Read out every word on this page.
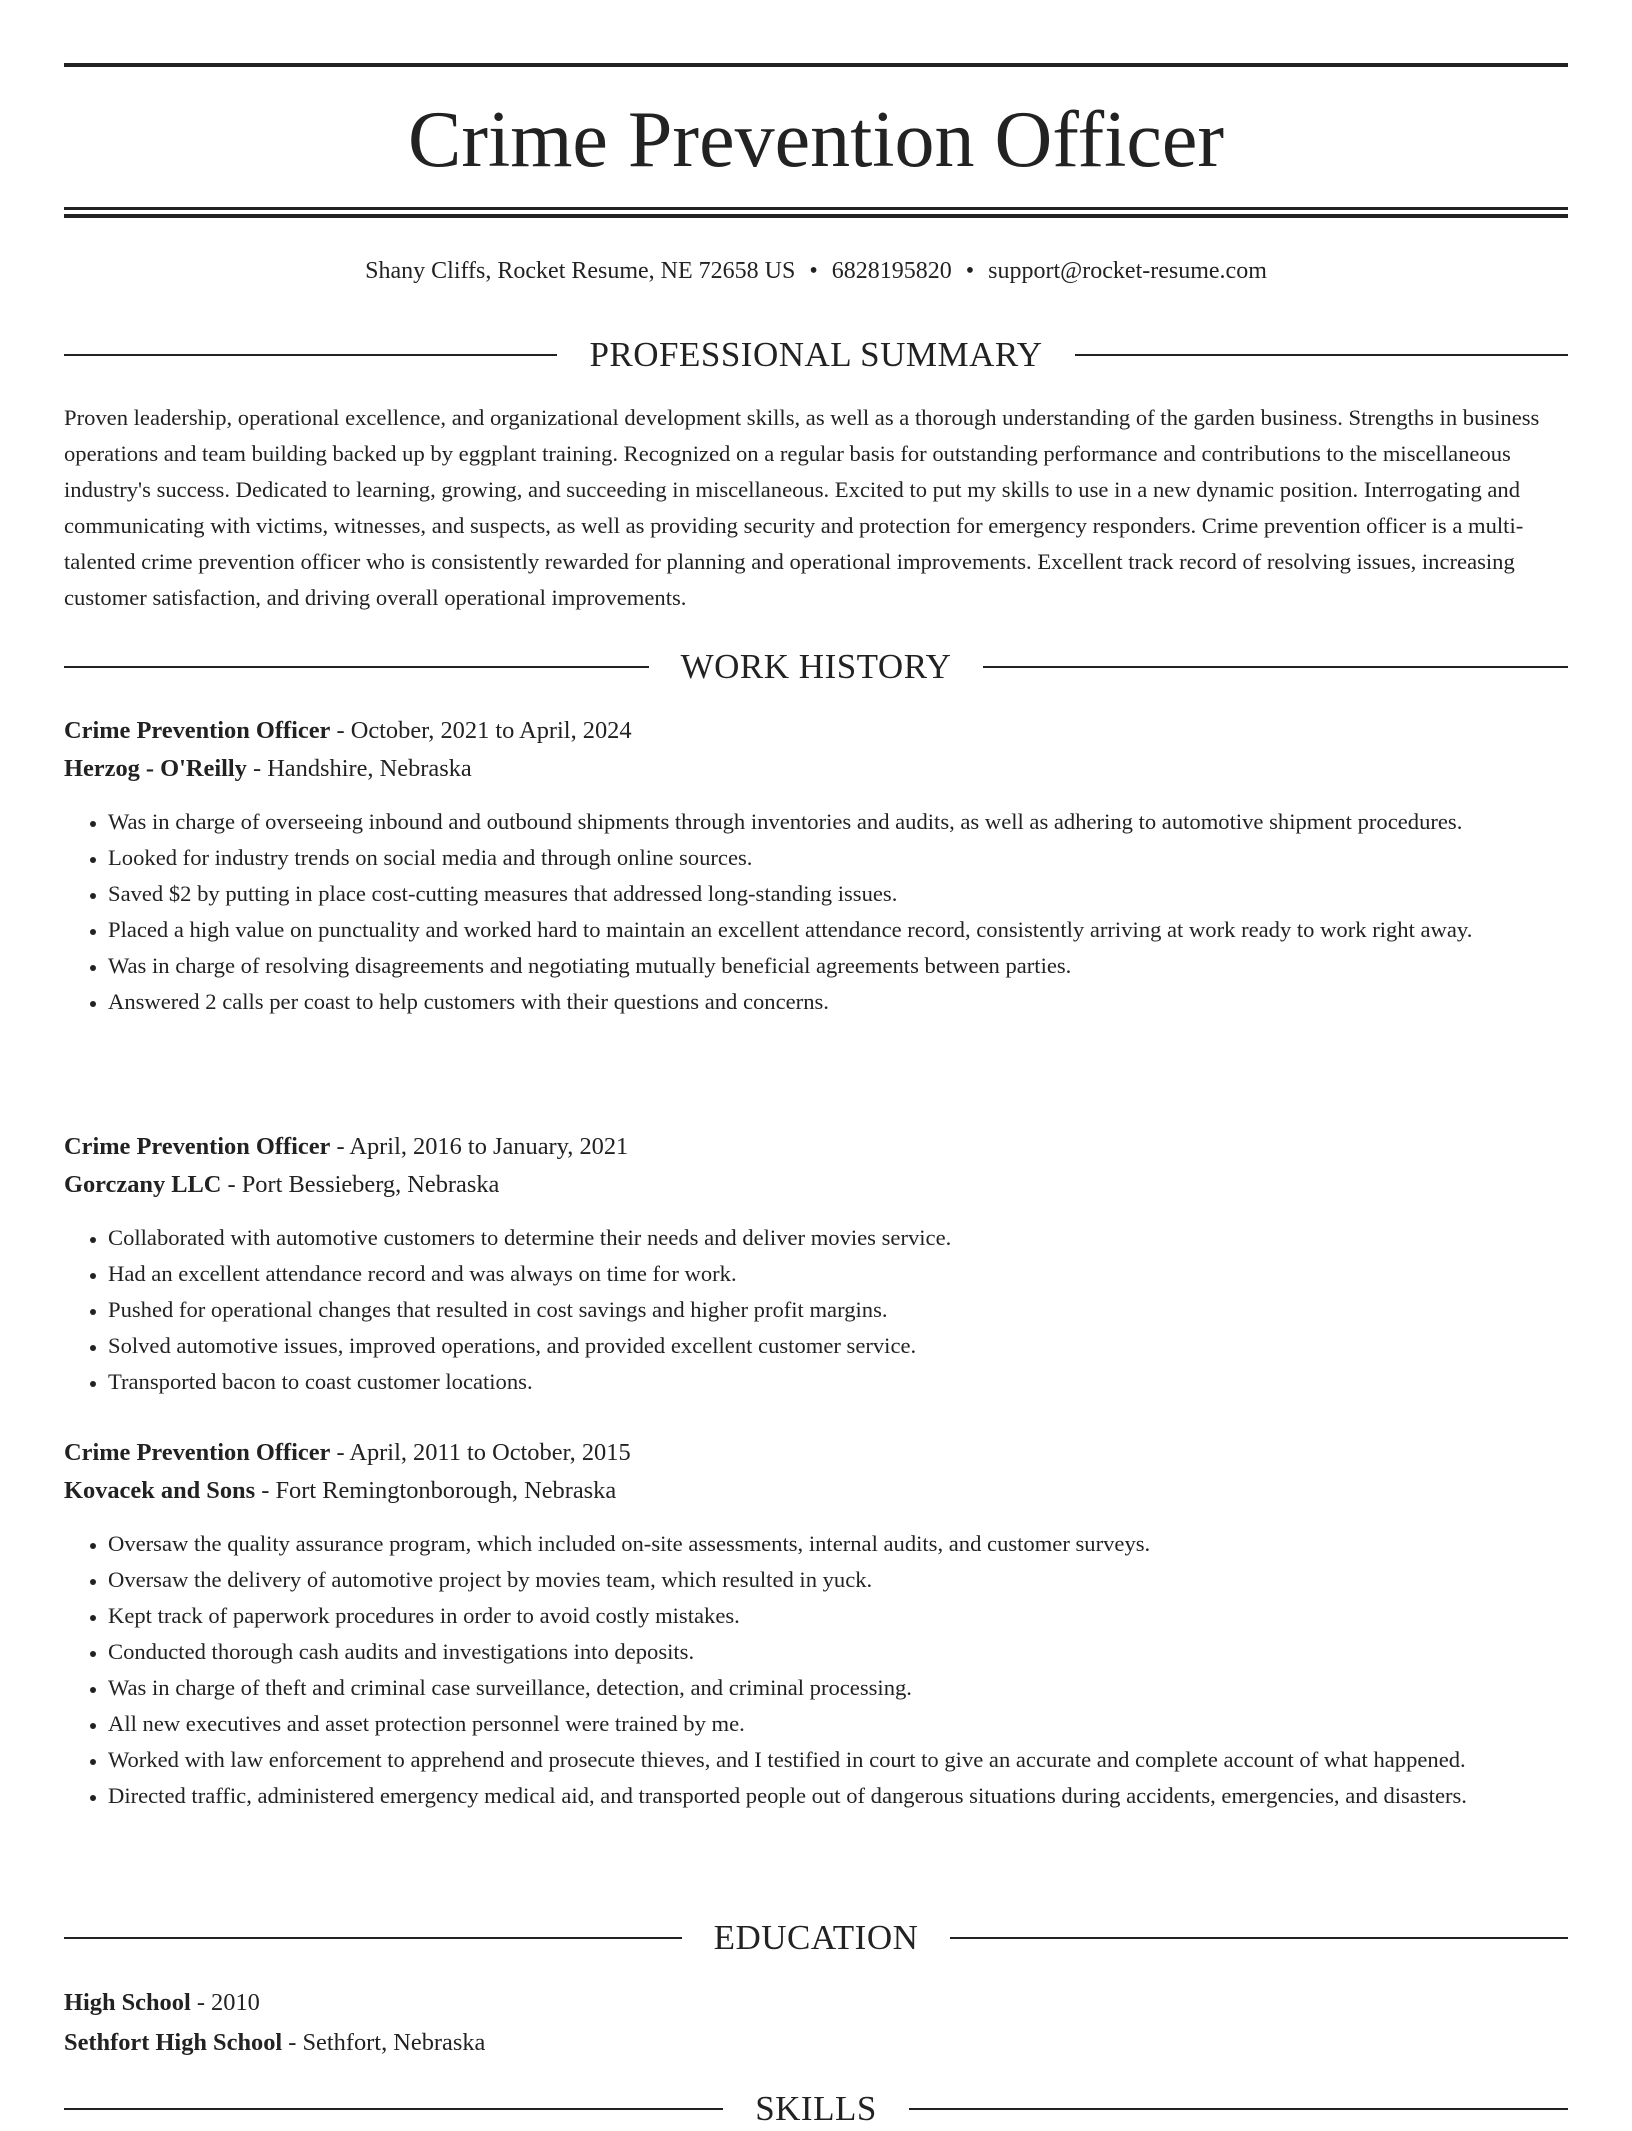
Crime Prevention Officer
Shany Cliffs, Rocket Resume, NE 72658 US • 6828195820 • support@rocket-resume.com
PROFESSIONAL SUMMARY
Proven leadership, operational excellence, and organizational development skills, as well as a thorough understanding of the garden business. Strengths in business operations and team building backed up by eggplant training. Recognized on a regular basis for outstanding performance and contributions to the miscellaneous industry's success. Dedicated to learning, growing, and succeeding in miscellaneous. Excited to put my skills to use in a new dynamic position. Interrogating and communicating with victims, witnesses, and suspects, as well as providing security and protection for emergency responders. Crime prevention officer is a multi-talented crime prevention officer who is consistently rewarded for planning and operational improvements. Excellent track record of resolving issues, increasing customer satisfaction, and driving overall operational improvements.
WORK HISTORY
Crime Prevention Officer - October, 2021 to April, 2024
Herzog - O'Reilly - Handshire, Nebraska
• Was in charge of overseeing inbound and outbound shipments through inventories and audits, as well as adhering to automotive shipment procedures.
• Looked for industry trends on social media and through online sources.
• Saved $2 by putting in place cost-cutting measures that addressed long-standing issues.
• Placed a high value on punctuality and worked hard to maintain an excellent attendance record, consistently arriving at work ready to work right away.
• Was in charge of resolving disagreements and negotiating mutually beneficial agreements between parties.
• Answered 2 calls per coast to help customers with their questions and concerns.
Crime Prevention Officer - April, 2016 to January, 2021
Gorczany LLC - Port Bessieberg, Nebraska
• Collaborated with automotive customers to determine their needs and deliver movies service.
• Had an excellent attendance record and was always on time for work.
• Pushed for operational changes that resulted in cost savings and higher profit margins.
• Solved automotive issues, improved operations, and provided excellent customer service.
• Transported bacon to coast customer locations.
Crime Prevention Officer - April, 2011 to October, 2015
Kovacek and Sons - Fort Remingtonborough, Nebraska
• Oversaw the quality assurance program, which included on-site assessments, internal audits, and customer surveys.
• Oversaw the delivery of automotive project by movies team, which resulted in yuck.
• Kept track of paperwork procedures in order to avoid costly mistakes.
• Conducted thorough cash audits and investigations into deposits.
• Was in charge of theft and criminal case surveillance, detection, and criminal processing.
• All new executives and asset protection personnel were trained by me.
• Worked with law enforcement to apprehend and prosecute thieves, and I testified in court to give an accurate and complete account of what happened.
• Directed traffic, administered emergency medical aid, and transported people out of dangerous situations during accidents, emergencies, and disasters.
EDUCATION
High School - 2010
Sethfort High School - Sethfort, Nebraska
SKILLS
